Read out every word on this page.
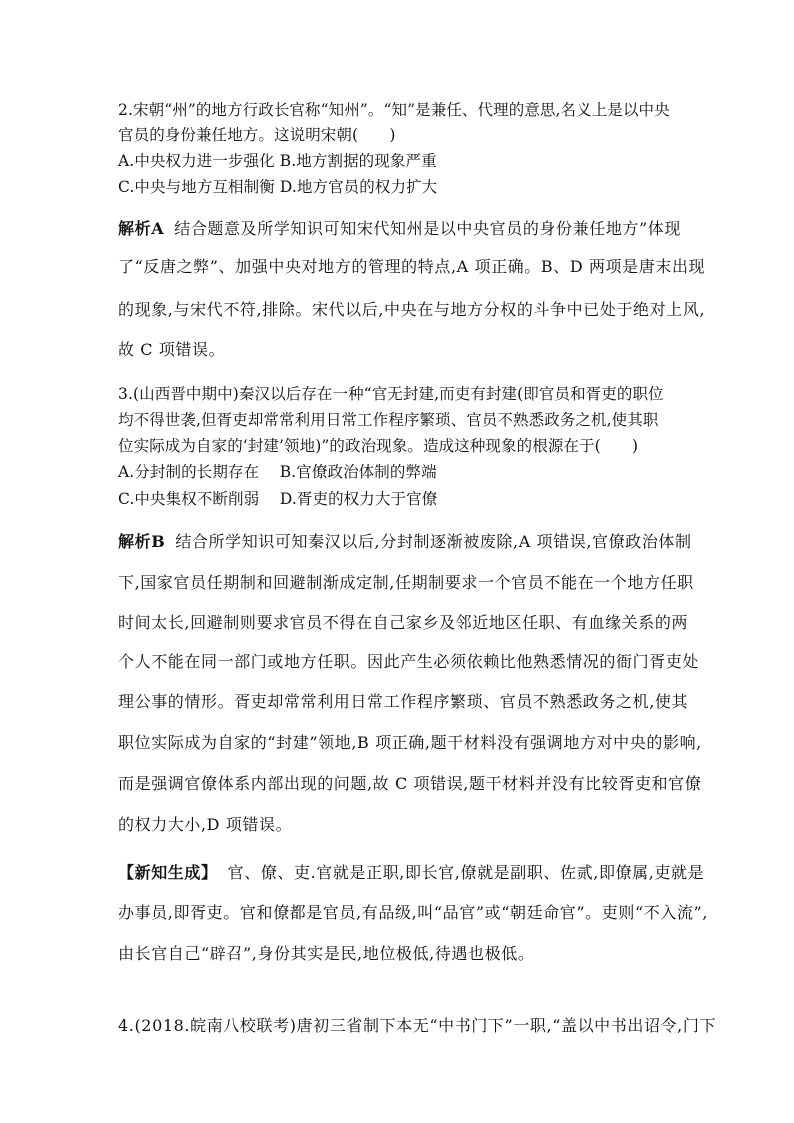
2.宋朝“州”的地方行政长官称“知州”。“知”是兼任、代理的意思,名义上是以中央
官员的身份兼任地方。这说明宋朝(　　)
A.中央权力进一步强化 B.地方割据的现象严重
C.中央与地方互相制衡 D.地方官员的权力扩大
解析A 结合题意及所学知识可知宋代知州是以中央官员的身份兼任地方”体现
了“反唐之弊”、加强中央对地方的管理的特点,A 项正确。B、D 两项是唐末出现
的现象,与宋代不符,排除。宋代以后,中央在与地方分权的斗争中已处于绝对上风,
故 C 项错误。
3.(山西晋中期中)秦汉以后存在一种“官无封建,而吏有封建(即官员和胥吏的职位
均不得世袭,但胥吏却常常利用日常工作程序繁琐、官员不熟悉政务之机,使其职
位实际成为自家的‘封建’领地)”的政治现象。造成这种现象的根源在于(　　)
A.分封制的长期存在　 B.官僚政治体制的弊端
C.中央集权不断削弱　 D.胥吏的权力大于官僚
解析B 结合所学知识可知秦汉以后,分封制逐渐被废除,A 项错误,官僚政治体制
下,国家官员任期制和回避制渐成定制,任期制要求一个官员不能在一个地方任职
时间太长,回避制则要求官员不得在自己家乡及邻近地区任职、有血缘关系的两
个人不能在同一部门或地方任职。因此产生必须依赖比他熟悉情况的衙门胥吏处
理公事的情形。胥吏却常常利用日常工作程序繁琐、官员不熟悉政务之机,使其
职位实际成为自家的“封建”领地,B 项正确,题干材料没有强调地方对中央的影响,
而是强调官僚体系内部出现的问题,故 C 项错误,题干材料并没有比较胥吏和官僚
的权力大小,D 项错误。
【新知生成】 官、僚、吏.官就是正职,即长官,僚就是副职、佐贰,即僚属,吏就是
办事员,即胥吏。官和僚都是官员,有品级,叫“品官”或“朝廷命官”。吏则“不入流”,
由长官自己“辟召”,身份其实是民,地位极低,待遇也极低。
4.(2018.皖南八校联考)唐初三省制下本无“中书门下”一职,“盖以中书出诏令,门下
